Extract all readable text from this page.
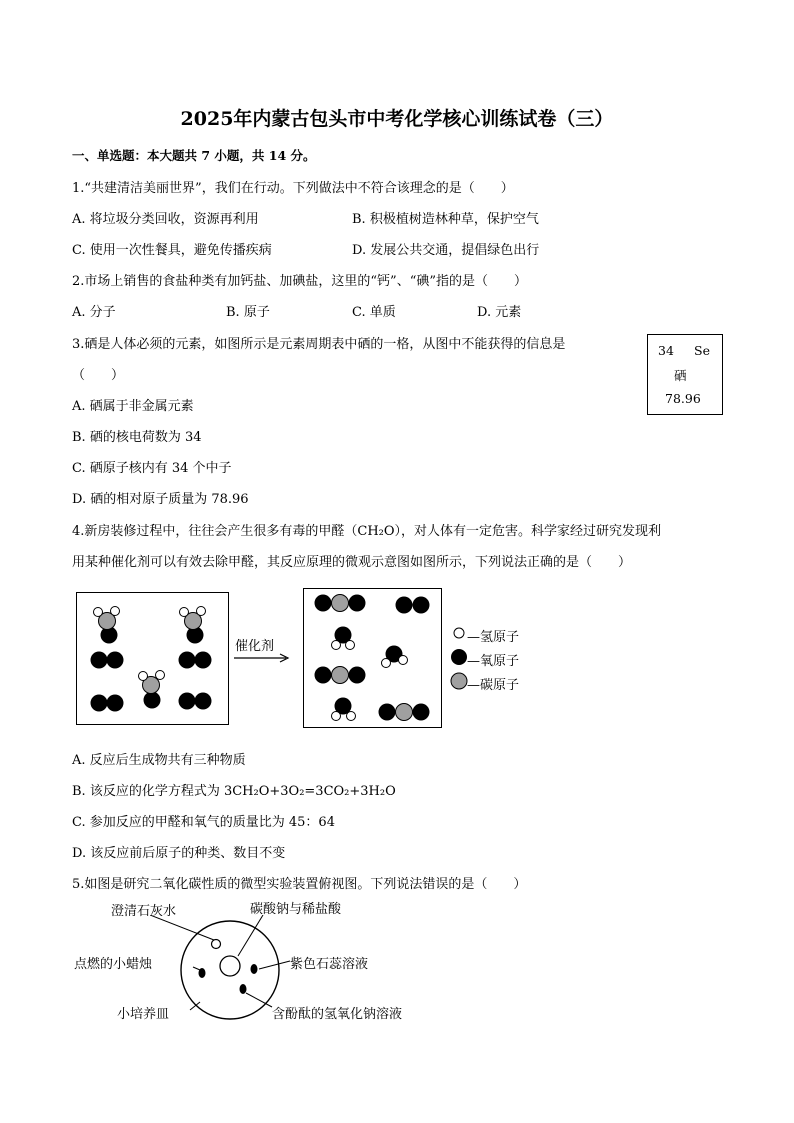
2025年内蒙古包头市中考化学核心训练试卷（三）
一、单选题：本大题共 7 小题，共 14 分。
1.“共建清洁美丽世界”，我们在行动。下列做法中不符合该理念的是（　　）
A. 将垃圾分类回收，资源再利用	B. 积极植树造林种草，保护空气
C. 使用一次性餐具，避免传播疾病	D. 发展公共交通，提倡绿色出行
2.市场上销售的食盐种类有加钙盐、加碘盐，这里的“钙”、“碘”指的是（　　）
A. 分子	B. 原子	C. 单质	D. 元素
3.硒是人体必须的元素，如图所示是元素周期表中硒的一格，从图中不能获得的信息是
（　　）
A. 硒属于非金属元素
B. 硒的核电荷数为 34
C. 硒原子核内有 34 个中子
D. 硒的相对原子质量为 78.96
34 Se
硒
78.96
4.新房装修过程中，往往会产生很多有毒的甲醛（CH₂O），对人体有一定危害。科学家经过研究发现利
用某种催化剂可以有效去除甲醛，其反应原理的微观示意图如图所示，下列说法正确的是（　　）
催化剂
—氢原子
—氧原子
—碳原子
A. 反应后生成物共有三种物质
B. 该反应的化学方程式为 3CH₂O+3O₂=3CO₂+3H₂O
C. 参加反应的甲醛和氧气的质量比为 45：64
D. 该反应前后原子的种类、数目不变
5.如图是研究二氧化碳性质的微型实验装置俯视图。下列说法错误的是（　　）
澄清石灰水	碳酸钠与稀盐酸
点燃的小蜡烛	紫色石蕊溶液
小培养皿	含酚酞的氢氧化钠溶液
